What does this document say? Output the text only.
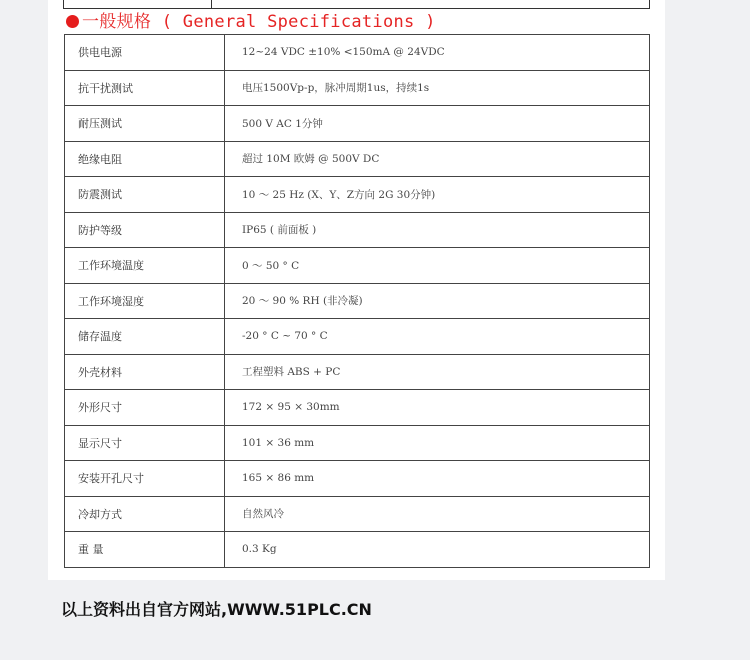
一般规格 ( General Specifications )
供电电源	12~24 VDC ±10% <150mA @ 24VDC
抗干扰测试	电压1500Vp-p，脉冲周期1us，持续1s
耐压测试	500 V AC 1分钟
绝缘电阻	超过 10M 欧姆 @ 500V DC
防震测试	10 ～ 25 Hz (X、Y、Z方向 2G 30分钟)
防护等级	IP65 ( 前面板 )
工作环境温度	0 ～ 50 ° C
工作环境湿度	20 ～ 90 % RH (非冷凝)
储存温度	-20 ° C ~ 70 ° C
外壳材料	工程塑料 ABS + PC
外形尺寸	172 × 95 × 30mm
显示尺寸	101 × 36 mm
安装开孔尺寸	165 × 86 mm
冷却方式	自然风冷
重 量	0.3 Kg
以上资料出自官方网站,WWW.51PLC.CN
